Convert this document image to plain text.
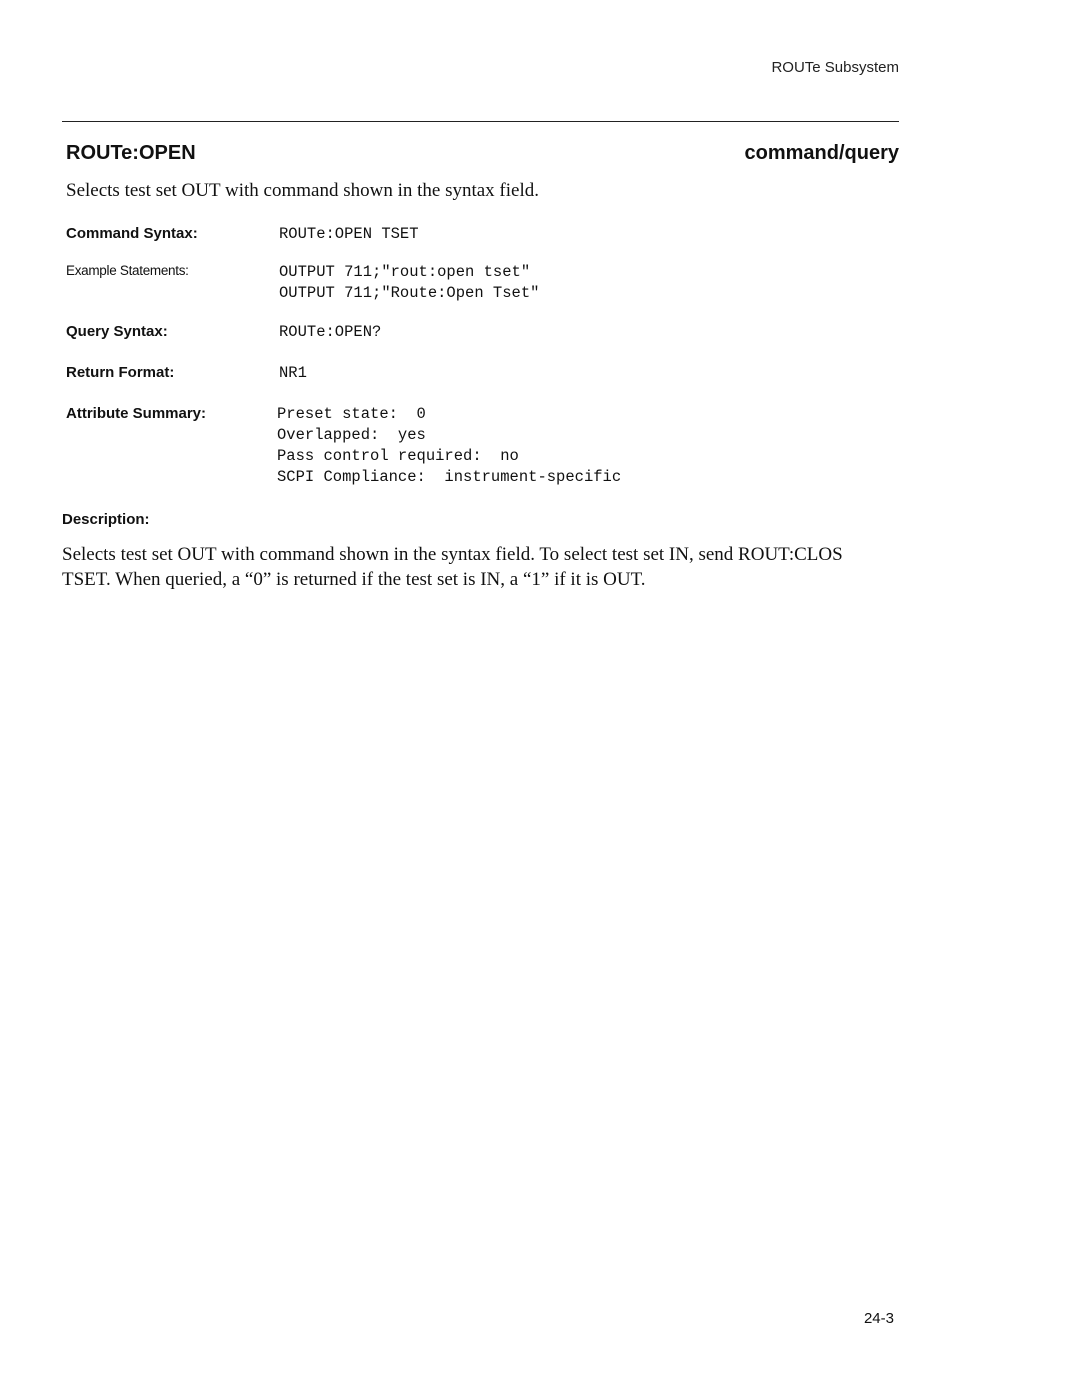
ROUTe Subsystem
ROUTe:OPEN	command/query
Selects test set OUT with command shown in the syntax field.
Command Syntax:	ROUTe:OPEN TSET
Example Statements:	OUTPUT 711;"rout:open tset"
OUTPUT 711;"Route:Open Tset"
Query Syntax:	ROUTe:OPEN?
Return Format:	NR1
Attribute Summary:	Preset state:  0
Overlapped:  yes
Pass control required:  no
SCPI Compliance:  instrument-specific
Description:
Selects test set OUT with command shown in the syntax field. To select test set IN, send ROUT:CLOS TSET. When queried, a “0” is returned if the test set is IN, a “1” if it is OUT.
24-3
